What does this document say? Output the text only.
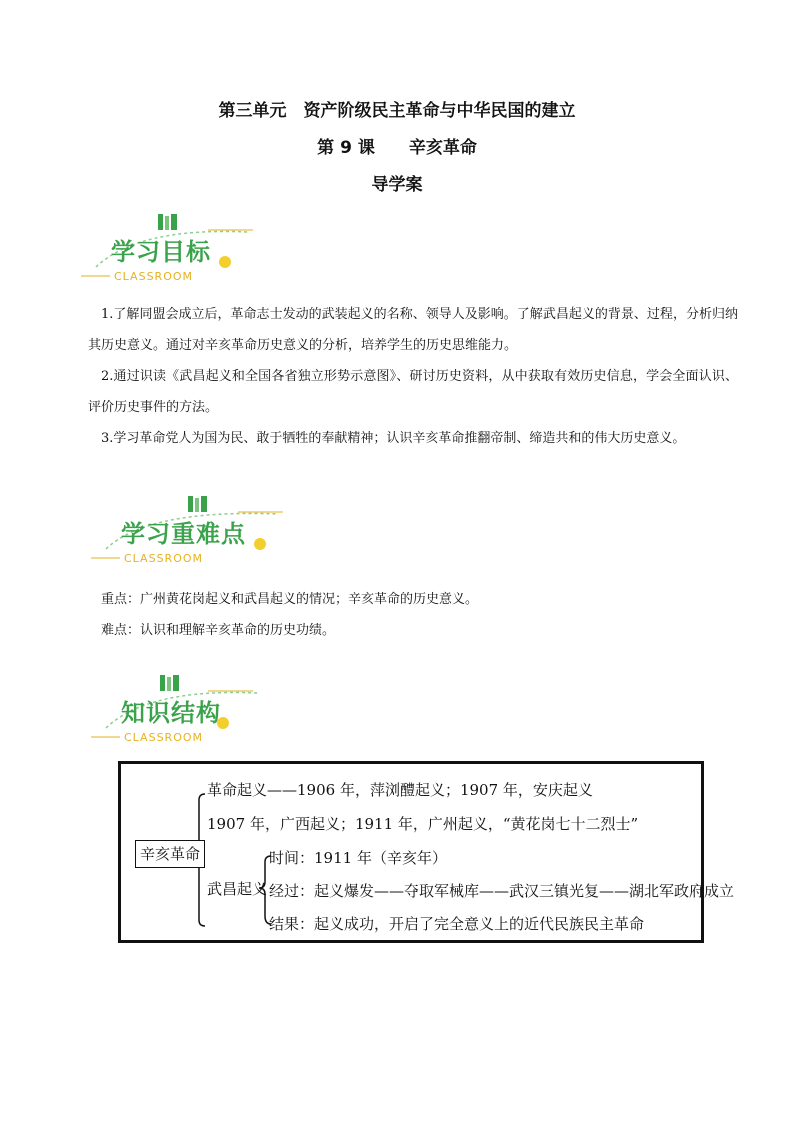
第三单元　资产阶级民主革命与中华民国的建立
第 9 课　　辛亥革命
导学案
学习目标
CLASSROOM

1.了解同盟会成立后，革命志士发动的武装起义的名称、领导人及影响。了解武昌起义的背景、过程，分析归纳其历史意义。通过对辛亥革命历史意义的分析，培养学生的历史思维能力。

2.通过识读《武昌起义和全国各省独立形势示意图》、研讨历史资料，从中获取有效历史信息，学会全面认识、评价历史事件的方法。

3.学习革命党人为国为民、敢于牺牲的奉献精神；认识辛亥革命推翻帝制、缔造共和的伟大历史意义。

学习重难点
CLASSROOM

重点：广州黄花岗起义和武昌起义的情况；辛亥革命的历史意义。

难点：认识和理解辛亥革命的历史功绩。

知识结构
CLASSROOM
辛亥革命
革命起义——1906 年，萍浏醴起义；1907 年，安庆起义
1907 年，广西起义；1911 年，广州起义，“黄花岗七十二烈士”
武昌起义
时间：1911 年（辛亥年）
经过：起义爆发——夺取军械库——武汉三镇光复——湖北军政府成立
结果：起义成功，开启了完全意义上的近代民族民主革命
